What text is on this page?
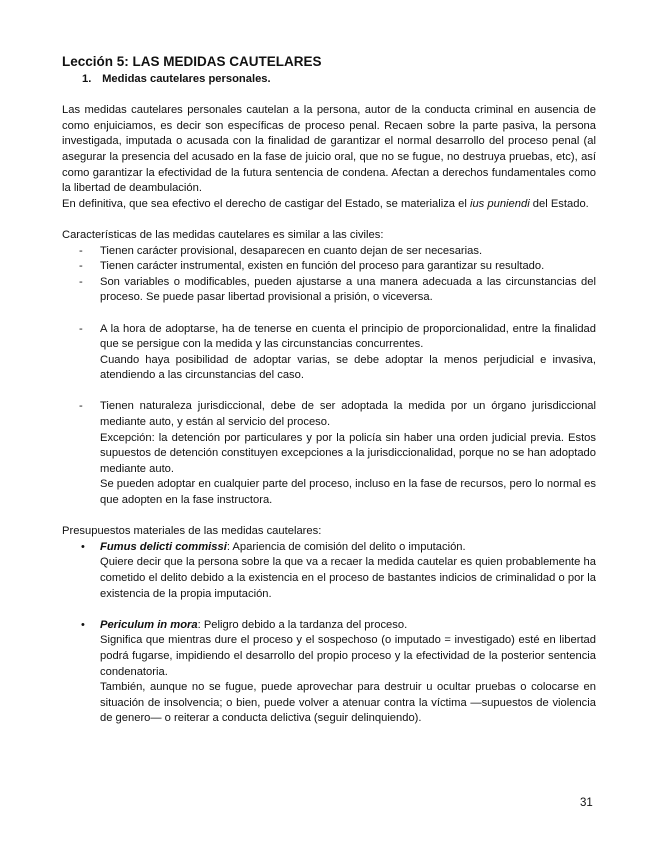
Lección 5: LAS MEDIDAS CAUTELARES
1. Medidas cautelares personales.

Las medidas cautelares personales cautelan a la persona, autor de la conducta criminal en ausencia de como enjuiciamos, es decir son específicas de proceso penal. Recaen sobre la parte pasiva, la persona investigada, imputada o acusada con la finalidad de garantizar el normal desarrollo del proceso penal (al asegurar la presencia del acusado en la fase de juicio oral, que no se fugue, no destruya pruebas, etc), así como garantizar la efectividad de la futura sentencia de condena. Afectan a derechos fundamentales como la libertad de deambulación.

En definitiva, que sea efectivo el derecho de castigar del Estado, se materializa el ius puniendi del Estado.

Características de las medidas cautelares es similar a las civiles:

- Tienen carácter provisional, desaparecen en cuanto dejan de ser necesarias.

- Tienen carácter instrumental, existen en función del proceso para garantizar su resultado.

- Son variables o modificables, pueden ajustarse a una manera adecuada a las circunstancias del proceso. Se puede pasar libertad provisional a prisión, o viceversa.

- A la hora de adoptarse, ha de tenerse en cuenta el principio de proporcionalidad, entre la finalidad que se persigue con la medida y las circunstancias concurrentes.

Cuando haya posibilidad de adoptar varias, se debe adoptar la menos perjudicial e invasiva, atendiendo a las circunstancias del caso.

- Tienen naturaleza jurisdiccional, debe de ser adoptada la medida por un órgano jurisdiccional mediante auto, y están al servicio del proceso.

Excepción: la detención por particulares y por la policía sin haber una orden judicial previa. Estos supuestos de detención constituyen excepciones a la jurisdiccionalidad, porque no se han adoptado mediante auto.

Se pueden adoptar en cualquier parte del proceso, incluso en la fase de recursos, pero lo normal es que adopten en la fase instructora.

Presupuestos materiales de las medidas cautelares:

• Fumus delicti commissi: Apariencia de comisión del delito o imputación.

Quiere decir que la persona sobre la que va a recaer la medida cautelar es quien probablemente ha cometido el delito debido a la existencia en el proceso de bastantes indicios de criminalidad o por la existencia de la propia imputación.

• Periculum in mora: Peligro debido a la tardanza del proceso.

Significa que mientras dure el proceso y el sospechoso (o imputado = investigado) esté en libertad podrá fugarse, impidiendo el desarrollo del propio proceso y la efectividad de la posterior sentencia condenatoria.

También, aunque no se fugue, puede aprovechar para destruir u ocultar pruebas o colocarse en situación de insolvencia; o bien, puede volver a atenuar contra la víctima —supuestos de violencia de genero— o reiterar a conducta delictiva (seguir delinquiendo).

31
